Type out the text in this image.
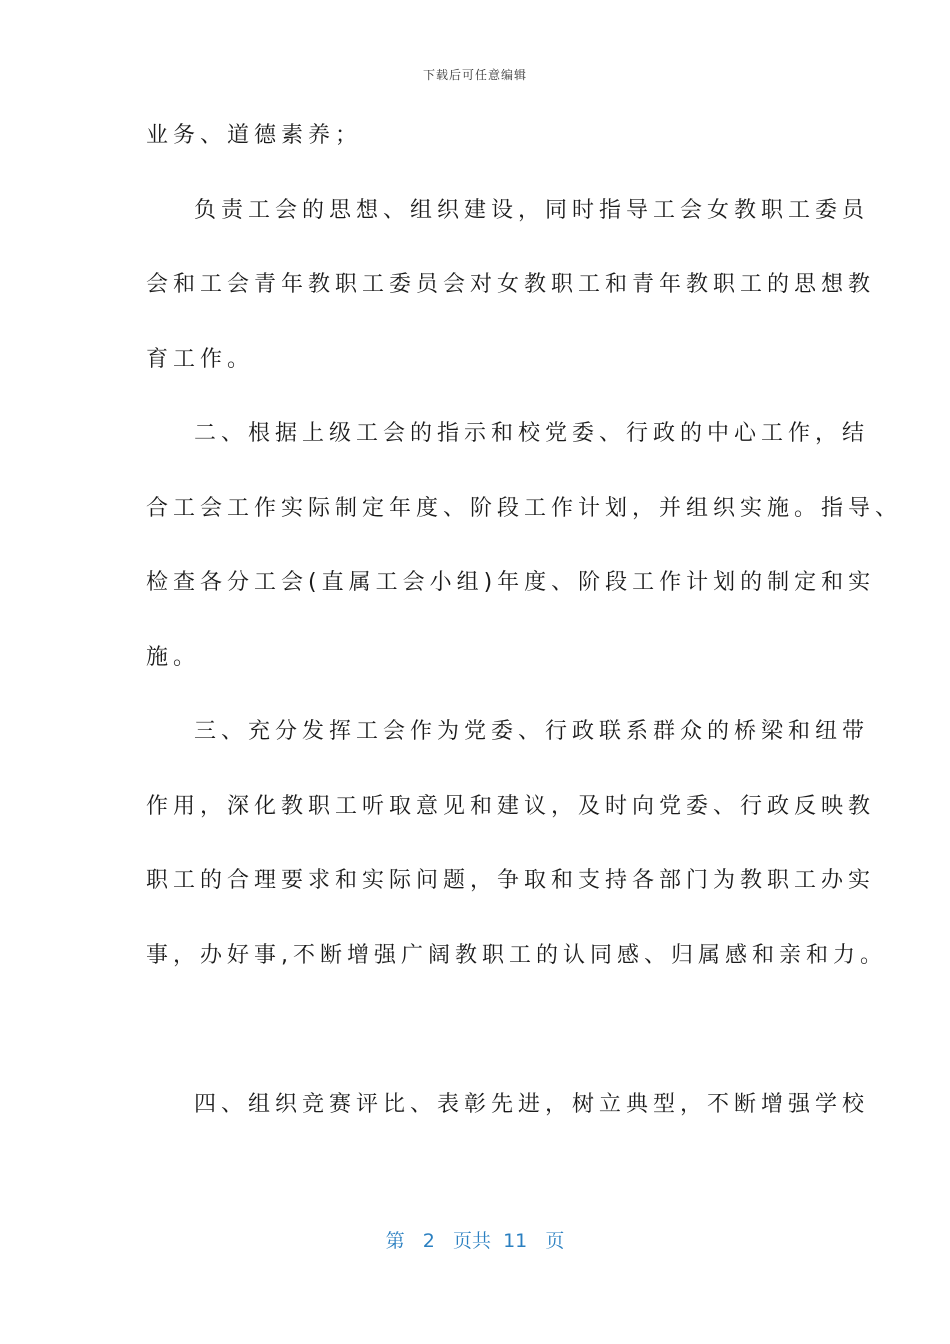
下载后可任意编辑
业务、道德素养；
负责工会的思想、组织建设，同时指导工会女教职工委员
会和工会青年教职工委员会对女教职工和青年教职工的思想教
育工作。
二、根据上级工会的指示和校党委、行政的中心工作，结
合工会工作实际制定年度、阶段工作计划，并组织实施。指导、
检查各分工会(直属工会小组)年度、阶段工作计划的制定和实
施。
三、充分发挥工会作为党委、行政联系群众的桥梁和纽带
作用，深化教职工听取意见和建议，及时向党委、行政反映教
职工的合理要求和实际问题，争取和支持各部门为教职工办实
事，办好事,不断增强广阔教职工的认同感、归属感和亲和力。
四、组织竞赛评比、表彰先进，树立典型，不断增强学校
第 2 页共 11 页
